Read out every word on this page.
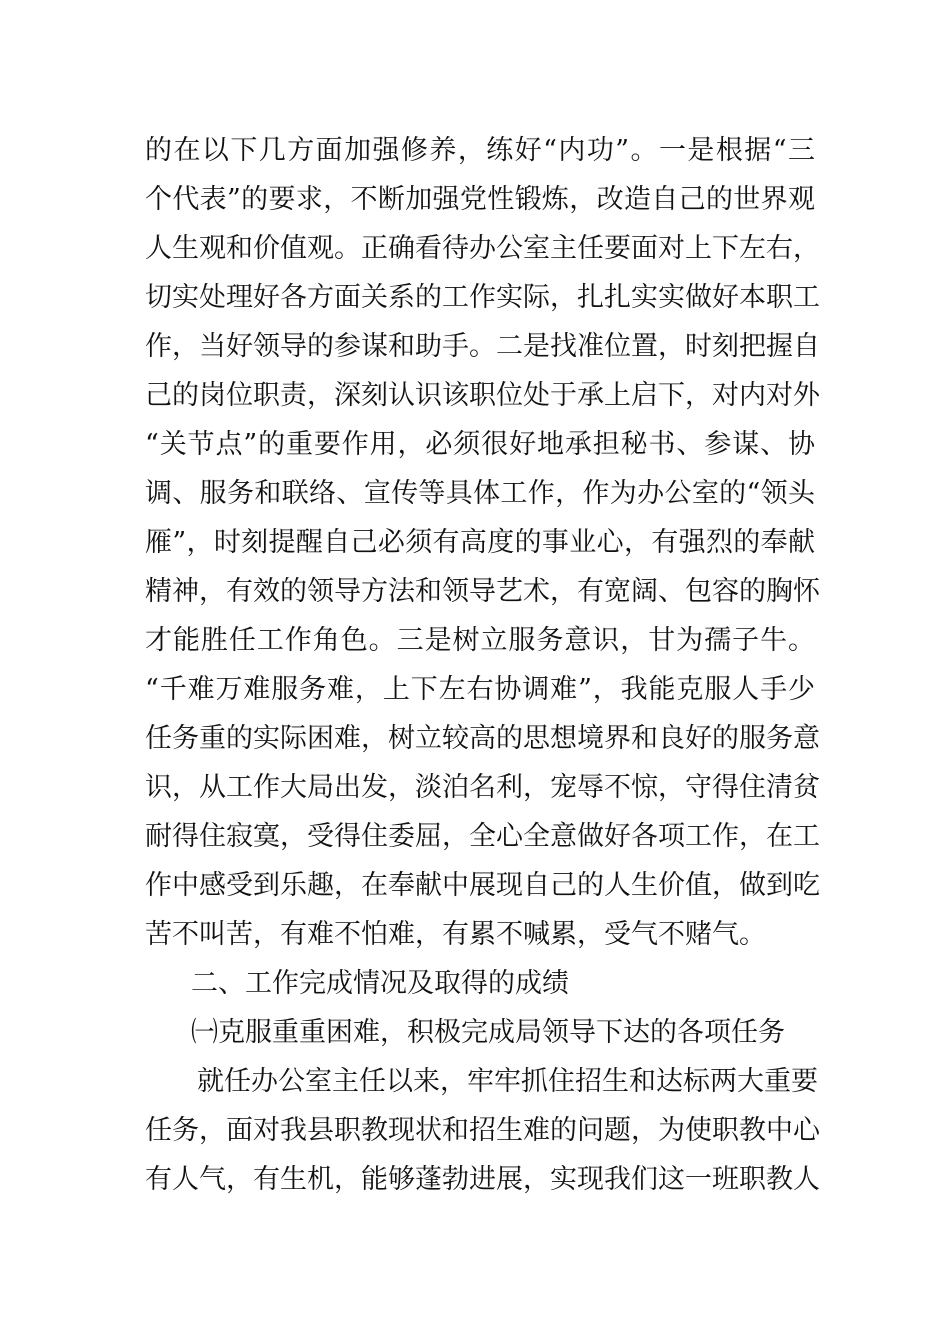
的在以下几方面加强修养，练好“内功”。一是根据“三
个代表”的要求，不断加强党性锻炼，改造自己的世界观
人生观和价值观。正确看待办公室主任要面对上下左右，
切实处理好各方面关系的工作实际，扎扎实实做好本职工
作，当好领导的参谋和助手。二是找准位置，时刻把握自
己的岗位职责，深刻认识该职位处于承上启下，对内对外
“关节点”的重要作用，必须很好地承担秘书、参谋、协
调、服务和联络、宣传等具体工作，作为办公室的“领头
雁”，时刻提醒自己必须有高度的事业心，有强烈的奉献
精神，有效的领导方法和领导艺术，有宽阔、包容的胸怀
才能胜任工作角色。三是树立服务意识，甘为孺子牛。
“千难万难服务难，上下左右协调难”，我能克服人手少
任务重的实际困难，树立较高的思想境界和良好的服务意
识，从工作大局出发，淡泊名利，宠辱不惊，守得住清贫
耐得住寂寞，受得住委屈，全心全意做好各项工作，在工
作中感受到乐趣，在奉献中展现自己的人生价值，做到吃
苦不叫苦，有难不怕难，有累不喊累，受气不赌气。
二、工作完成情况及取得的成绩
㈠克服重重困难，积极完成局领导下达的各项任务
就任办公室主任以来，牢牢抓住招生和达标两大重要
任务，面对我县职教现状和招生难的问题，为使职教中心
有人气，有生机，能够蓬勃进展，实现我们这一班职教人
